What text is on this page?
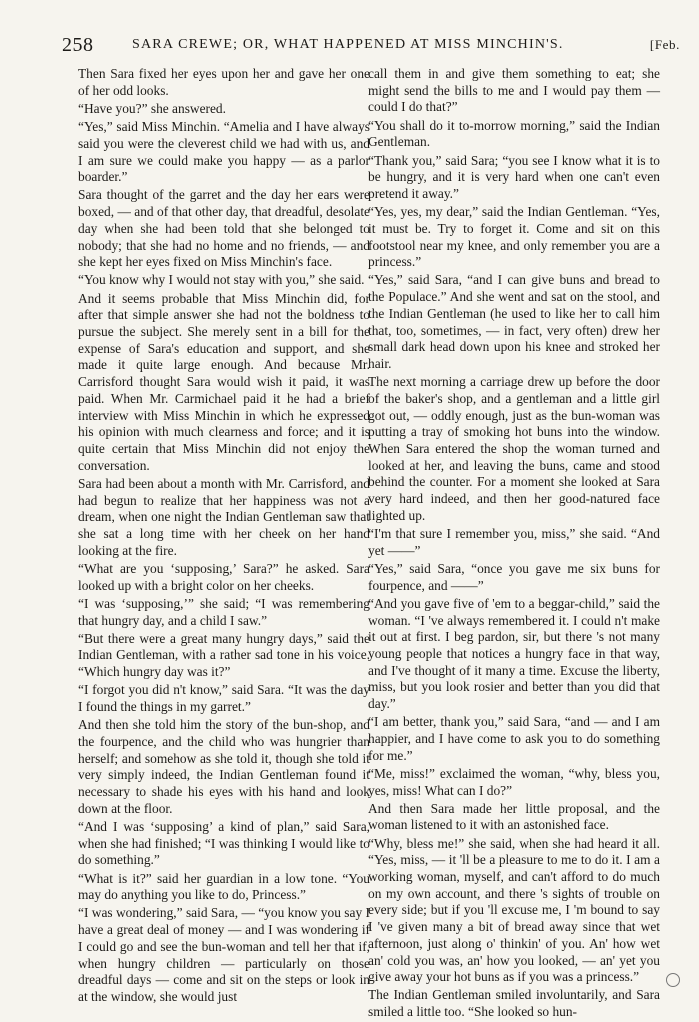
258	SARA CREWE; OR, WHAT HAPPENED AT MISS MINCHIN'S.	[Feb.

Then Sara fixed her eyes upon her and gave her one of her odd looks.

“Have you?” she answered.

“Yes,” said Miss Minchin. “Amelia and I have always said you were the cleverest child we had with us, and I am sure we could make you happy — as a parlor boarder.”

Sara thought of the garret and the day her ears were boxed, — and of that other day, that dreadful, desolate day when she had been told that she belonged to nobody; that she had no home and no friends, — and she kept her eyes fixed on Miss Minchin's face.

“You know why I would not stay with you,” she said.

And it seems probable that Miss Minchin did, for after that simple answer she had not the boldness to pursue the subject. She merely sent in a bill for the expense of Sara's education and support, and she made it quite large enough. And because Mr. Carrisford thought Sara would wish it paid, it was paid. When Mr. Carmichael paid it he had a brief interview with Miss Minchin in which he expressed his opinion with much clearness and force; and it is quite certain that Miss Minchin did not enjoy the conversation.

Sara had been about a month with Mr. Carrisford, and had begun to realize that her happiness was not a dream, when one night the Indian Gentleman saw that she sat a long time with her cheek on her hand looking at the fire.

“What are you ‘supposing,’ Sara?” he asked. Sara looked up with a bright color on her cheeks.

“I was ‘supposing,’” she said; “I was remembering that hungry day, and a child I saw.”

“But there were a great many hungry days,” said the Indian Gentleman, with a rather sad tone in his voice. “Which hungry day was it?”

“I forgot you did n't know,” said Sara. “It was the day I found the things in my garret.”

And then she told him the story of the bun-shop, and the fourpence, and the child who was hungrier than herself; and somehow as she told it, though she told it very simply indeed, the Indian Gentleman found it necessary to shade his eyes with his hand and look down at the floor.

“And I was ‘supposing’ a kind of plan,” said Sara, when she had finished; “I was thinking I would like to do something.”

“What is it?” said her guardian in a low tone. “You may do anything you like to do, Princess.”

“I was wondering,” said Sara, — “you know you say I have a great deal of money — and I was wondering if I could go and see the bun-woman and tell her that if, when hungry children — particularly on those dreadful days — come and sit on the steps or look in at the window, she would just

call them in and give them something to eat; she might send the bills to me and I would pay them — could I do that?”

“You shall do it to-morrow morning,” said the Indian Gentleman.

“Thank you,” said Sara; “you see I know what it is to be hungry, and it is very hard when one can't even pretend it away.”

“Yes, yes, my dear,” said the Indian Gentleman. “Yes, it must be. Try to forget it. Come and sit on this footstool near my knee, and only remember you are a princess.”

“Yes,” said Sara, “and I can give buns and bread to the Populace.” And she went and sat on the stool, and the Indian Gentleman (he used to like her to call him that, too, sometimes, — in fact, very often) drew her small dark head down upon his knee and stroked her hair.

The next morning a carriage drew up before the door of the baker's shop, and a gentleman and a little girl got out, — oddly enough, just as the bun-woman was putting a tray of smoking hot buns into the window. When Sara entered the shop the woman turned and looked at her, and leaving the buns, came and stood behind the counter. For a moment she looked at Sara very hard indeed, and then her good-natured face lighted up.

“I'm that sure I remember you, miss,” she said. “And yet ——”

“Yes,” said Sara, “once you gave me six buns for fourpence, and ——”

“And you gave five of 'em to a beggar-child,” said the woman. “I 've always remembered it. I could n't make it out at first. I beg pardon, sir, but there 's not many young people that notices a hungry face in that way, and I've thought of it many a time. Excuse the liberty, miss, but you look rosier and better than you did that day.”

“I am better, thank you,” said Sara, “and — and I am happier, and I have come to ask you to do something for me.”

“Me, miss!” exclaimed the woman, “why, bless you, yes, miss! What can I do?”

And then Sara made her little proposal, and the woman listened to it with an astonished face.

“Why, bless me!” she said, when she had heard it all. “Yes, miss, — it 'll be a pleasure to me to do it. I am a working woman, myself, and can't afford to do much on my own account, and there 's sights of trouble on every side; but if you 'll excuse me, I 'm bound to say I 've given many a bit of bread away since that wet afternoon, just along o' thinkin' of you. An' how wet an' cold you was, an' how you looked, — an' yet you give away your hot buns as if you was a princess.”

The Indian Gentleman smiled involuntarily, and Sara smiled a little too. “She looked so hun-
